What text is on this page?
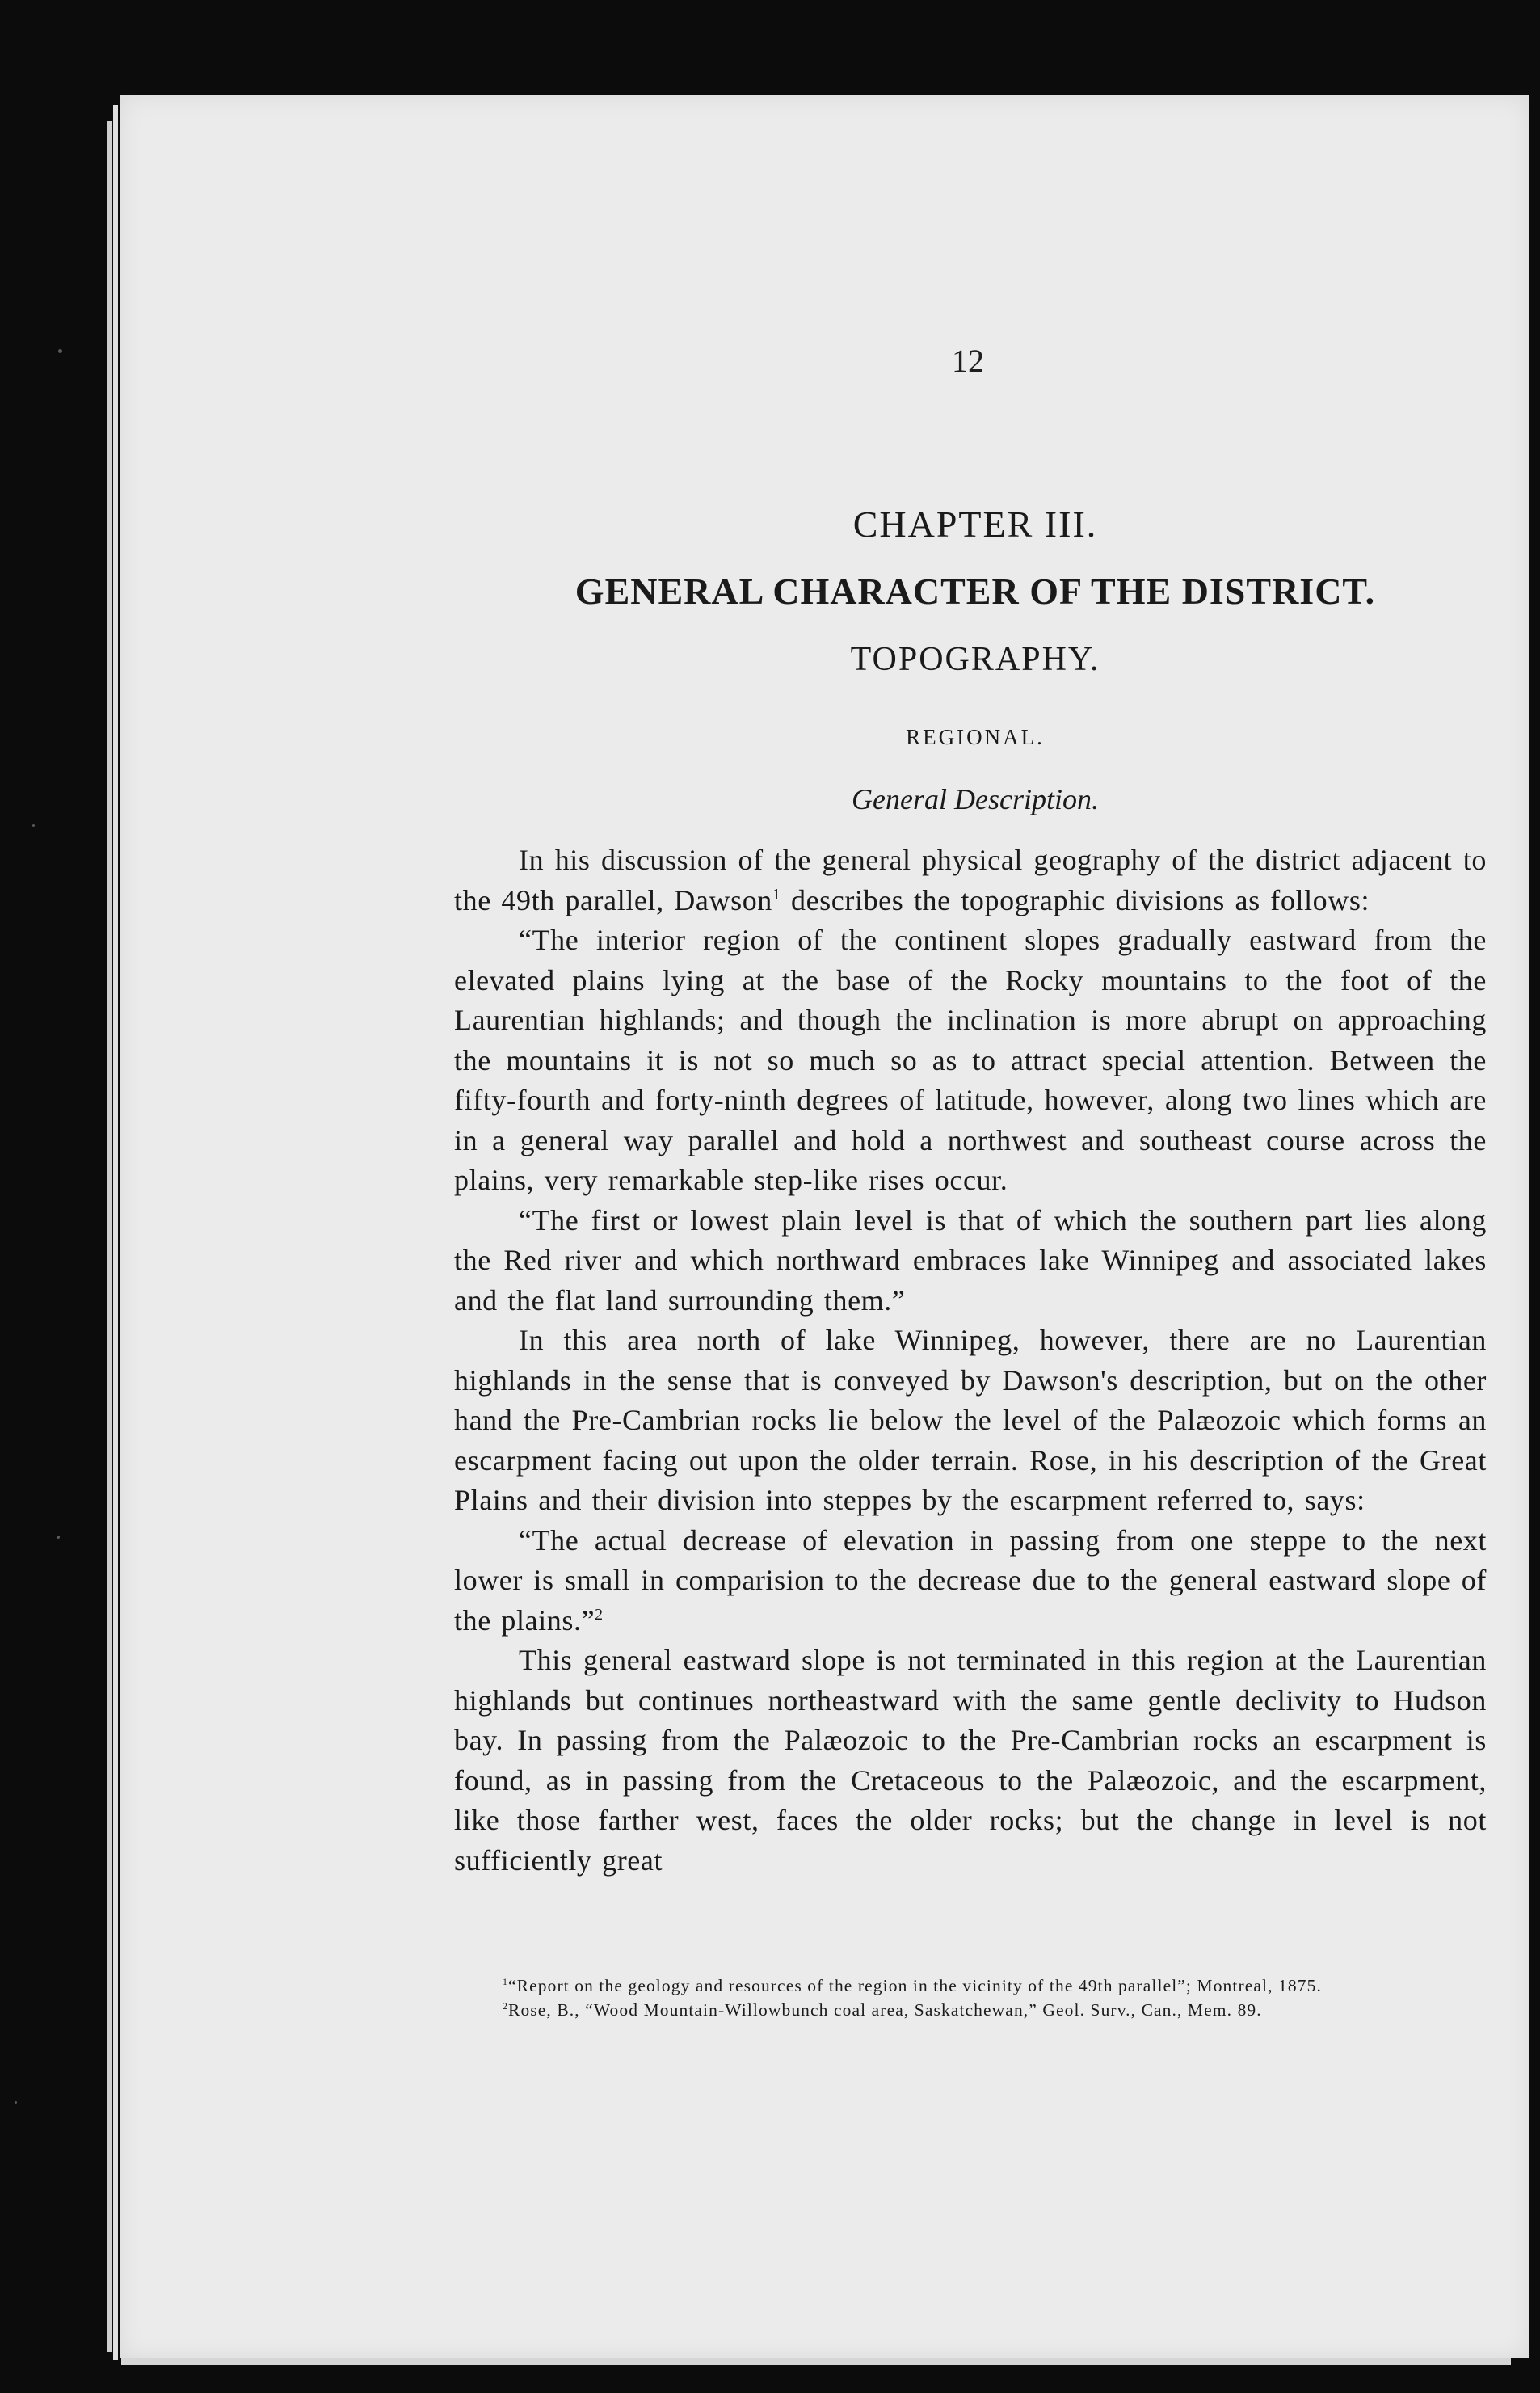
12
CHAPTER III.
GENERAL CHARACTER OF THE DISTRICT.
TOPOGRAPHY.
REGIONAL.
General Description.

In his discussion of the general physical geography of the district adjacent to the 49th parallel, Dawson$^1$ describes the topographic divisions as follows:

“The interior region of the continent slopes gradually eastward from the elevated plains lying at the base of the Rocky mountains to the foot of the Laurentian highlands; and though the inclination is more abrupt on approaching the mountains it is not so much so as to attract special attention. Between the fifty-fourth and forty-ninth degrees of latitude, however, along two lines which are in a general way parallel and hold a northwest and southeast course across the plains, very remarkable step-like rises occur.

“The first or lowest plain level is that of which the southern part lies along the Red river and which northward embraces lake Winnipeg and associated lakes and the flat land surrounding them.”

In this area north of lake Winnipeg, however, there are no Laurentian highlands in the sense that is conveyed by Dawson's description, but on the other hand the Pre-Cambrian rocks lie below the level of the Palæozoic which forms an escarpment facing out upon the older terrain. Rose, in his description of the Great Plains and their division into steppes by the escarpment referred to, says:

“The actual decrease of elevation in passing from one steppe to the next lower is small in comparision to the decrease due to the general eastward slope of the plains.”$^2$

This general eastward slope is not terminated in this region at the Laurentian highlands but continues northeastward with the same gentle declivity to Hudson bay. In passing from the Palæozoic to the Pre-Cambrian rocks an escarpment is found, as in passing from the Cretaceous to the Palæozoic, and the escarpment, like those farther west, faces the older rocks; but the change in level is not sufficiently great

$^1$“Report on the geology and resources of the region in the vicinity of the 49th parallel”; Montreal, 1875.

$^2$Rose, B., “Wood Mountain-Willowbunch coal area, Saskatchewan,” Geol. Surv., Can., Mem. 89.
